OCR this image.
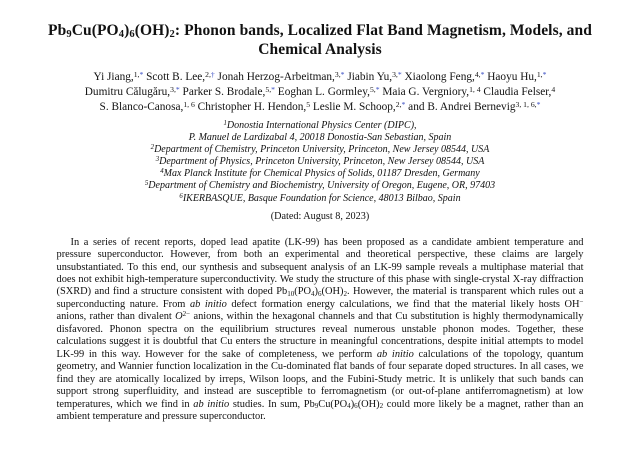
$Pb_9Cu(PO_4)_6(OH)_2$: Phonon bands, Localized Flat Band Magnetism, Models, and Chemical Analysis

Yi Jiang,$^{1,*}$ Scott B. Lee,$^{2,\dagger}$ Jonah Herzog-Arbeitman,$^{3,*}$ Jiabin Yu,$^{3,*}$ Xiaolong Feng,$^{4,*}$ Haoyu Hu,$^{1,*}$

Dumitru Călugăru,$^{3,*}$ Parker S. Brodale,$^{5,*}$ Eoghan L. Gormley,$^{5,*}$ Maia G. Vergniory,$^{1, 4}$ Claudia Felser,$^4$

S. Blanco-Canosa,$^{1, 6}$ Christopher H. Hendon,$^5$ Leslie M. Schoop,$^{2,*}$ and B. Andrei Bernevig$^{3, 1, 6,*}$

$^1$Donostia International Physics Center (DIPC),

P. Manuel de Lardizabal 4, 20018 Donostia-San Sebastian, Spain

$^2$Department of Chemistry, Princeton University, Princeton, New Jersey 08544, USA

$^3$Department of Physics, Princeton University, Princeton, New Jersey 08544, USA

$^4$Max Planck Institute for Chemical Physics of Solids, 01187 Dresden, Germany

$^5$Department of Chemistry and Biochemistry, University of Oregon, Eugene, OR, 97403

$^6$IKERBASQUE, Basque Foundation for Science, 48013 Bilbao, Spain

(Dated: August 8, 2023)

In a series of recent reports, doped lead apatite (LK-99) has been proposed as a candidate ambient temperature and pressure superconductor. However, from both an experimental and theoretical perspective, these claims are largely unsubstantiated. To this end, our synthesis and subsequent analysis of an LK-99 sample reveals a multiphase material that does not exhibit high-temperature superconductivity. We study the structure of this phase with single-crystal X-ray diffraction (SXRD) and find a structure consistent with doped $Pb_{10}(PO_4)_6(OH)_2$. However, the material is transparent which rules out a superconducting nature. From ab initio defect formation energy calculations, we find that the material likely hosts OH− anions, rather than divalent $O^{2-}$ anions, within the hexagonal channels and that Cu substitution is highly thermodynamically disfavored. Phonon spectra on the equilibrium structures reveal numerous unstable phonon modes. Together, these calculations suggest it is doubtful that Cu enters the structure in meaningful concentrations, despite initial attempts to model LK-99 in this way. However for the sake of completeness, we perform ab initio calculations of the topology, quantum geometry, and Wannier function localization in the Cu-dominated flat bands of four separate doped structures. In all cases, we find they are atomically localized by irreps, Wilson loops, and the Fubini-Study metric. It is unlikely that such bands can support strong superfluidity, and instead are susceptible to ferromagnetism (or out-of-plane antiferromagnetism) at low temperatures, which we find in ab initio studies. In sum, $Pb_9Cu(PO_4)_6(OH)_2$ could more likely be a magnet, rather than an ambient temperature and pressure superconductor.
